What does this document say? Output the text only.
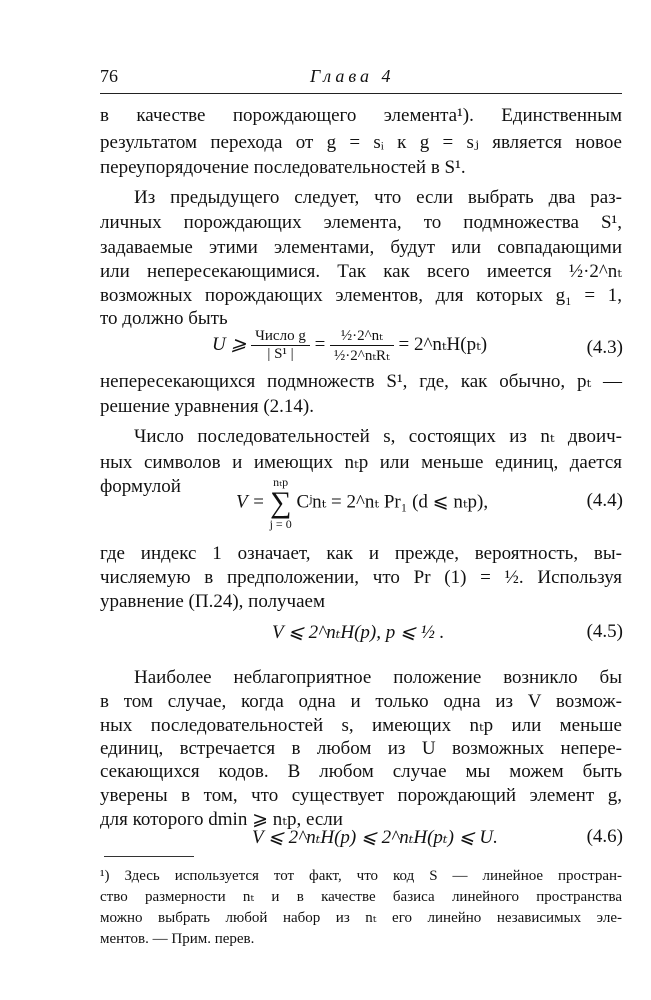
76	Глава 4

в качестве порождающего элемента¹). Единственным

результатом перехода от g = sᵢ к g = sⱼ является новое

переупорядочение последовательностей в S¹.

Из предыдущего следует, что если выбрать два раз-

личных порождающих элемента, то подмножества S¹,

задаваемые этими элементами, будут или совпадающими

или непересекающимися. Так как всего имеется ½·2^nₜ

возможных порождающих элементов, для которых g₁ = 1,

то должно быть

U ⩾ $\frac{\text{Число g}}{\text{| S¹ |}} = \frac{\text{½·2\textasciicircum{}nₜ}}{\text{½·2\textasciicircum{}nₜRₜ}}$ = 2^nₜH(pₜ)	(4.3)

непересекающихся подмножеств S¹, где, как обычно, pₜ —

решение уравнения (2.14).

Число последовательностей s, состоящих из nₜ двоич-

ных символов и имеющих nₜp или меньше единиц, дается

формулой

V = nₜp
∑
j = 0 Cʲnₜ = 2^nₜ Pr₁ (d ⩽ nₜp),	(4.4)

где индекс 1 означает, как и прежде, вероятность, вы-

числяемую в предположении, что Pr (1) = ½. Используя

уравнение (П.24), получаем

V ⩽ 2^nₜH(p), p ⩽ ½ .	(4.5)

Наиболее неблагоприятное положение возникло бы

в том случае, когда одна и только одна из V возмож-

ных последовательностей s, имеющих nₜp или меньше

единиц, встречается в любом из U возможных непере-

секающихся кодов. В любом случае мы можем быть

уверены в том, что существует порождающий элемент g,

для которого dmin ⩾ nₜp, если

V ⩽ 2^nₜH(p) ⩽ 2^nₜH(pₜ) ⩽ U.	(4.6)

¹) Здесь используется тот факт, что код S — линейное простран-

ство размерности nₜ и в качестве базиса линейного пространства

можно выбрать любой набор из nₜ его линейно независимых эле-

ментов. — Прим. перев.
